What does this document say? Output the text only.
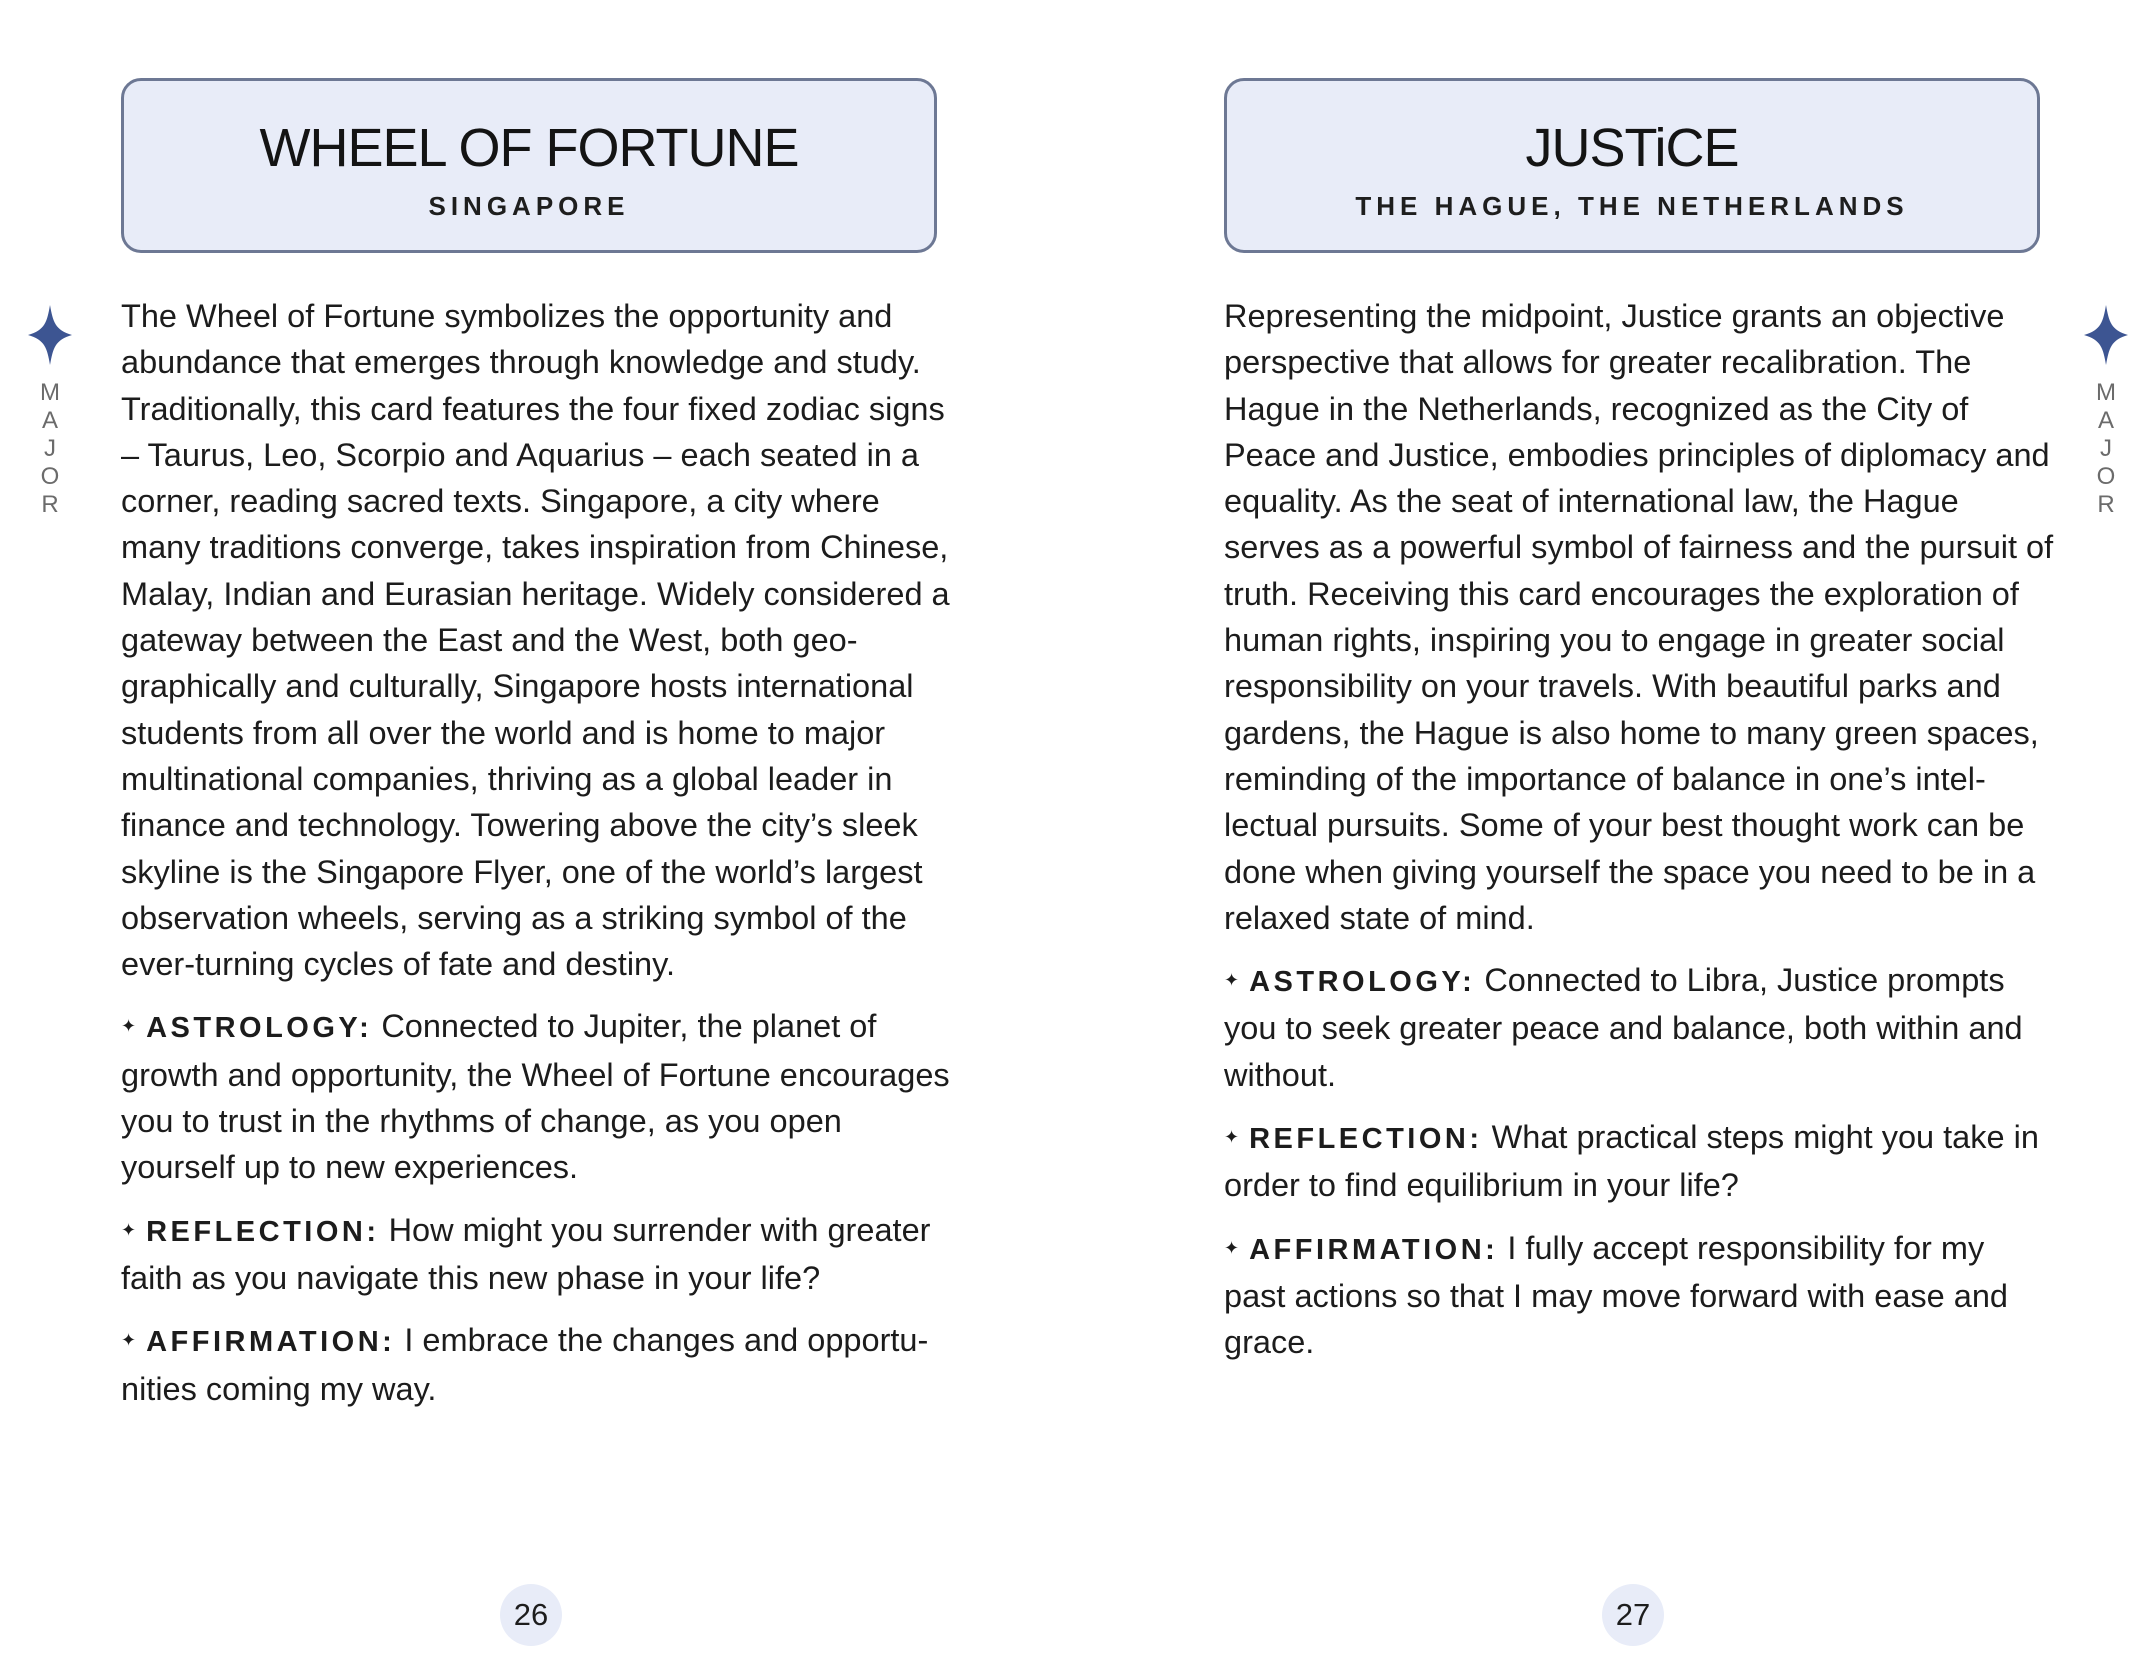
M
A
J
O
R
WHEEL OF FORTUNE
SINGAPORE

The Wheel of Fortune symbolizes the opportunity and abundance that emerges through knowledge and study. Traditionally, this card features the four fixed zodiac signs – Taurus, Leo, Scorpio and Aquarius – each seated in a corner, reading sacred texts. Singapore, a city where many traditions converge, takes inspiration from Chinese, Malay, Indian and Eurasian heritage. Widely considered a gateway between the East and the West, both geo-graphically and culturally, Singapore hosts international students from all over the world and is home to major multinational companies, thriving as a global leader in finance and technology. Towering above the city’s sleek skyline is the Singapore Flyer, one of the world’s largest observation wheels, serving as a striking symbol of the ever-turning cycles of fate and destiny.

✦ ASTROLOGY: Connected to Jupiter, the planet of growth and opportunity, the Wheel of Fortune encourages you to trust in the rhythms of change, as you open yourself up to new experiences.

✦ REFLECTION: How might you surrender with greater faith as you navigate this new phase in your life?

✦ AFFIRMATION: I embrace the changes and opportu-nities coming my way.

26
JUSTiCE
THE HAGUE, THE NETHERLANDS

Representing the midpoint, Justice grants an objective perspective that allows for greater recalibration. The Hague in the Netherlands, recognized as the City of Peace and Justice, embodies principles of diplomacy and equality. As the seat of international law, the Hague serves as a powerful symbol of fairness and the pursuit of truth. Receiving this card encourages the exploration of human rights, inspiring you to engage in greater social responsibility on your travels. With beautiful parks and gardens, the Hague is also home to many green spaces, reminding of the importance of balance in one’s intel-lectual pursuits. Some of your best thought work can be done when giving yourself the space you need to be in a relaxed state of mind.

✦ ASTROLOGY: Connected to Libra, Justice prompts you to seek greater peace and balance, both within and without.

✦ REFLECTION: What practical steps might you take in order to find equilibrium in your life?

✦ AFFIRMATION: I fully accept responsibility for my past actions so that I may move forward with ease and grace.

M
A
J
O
R
27
